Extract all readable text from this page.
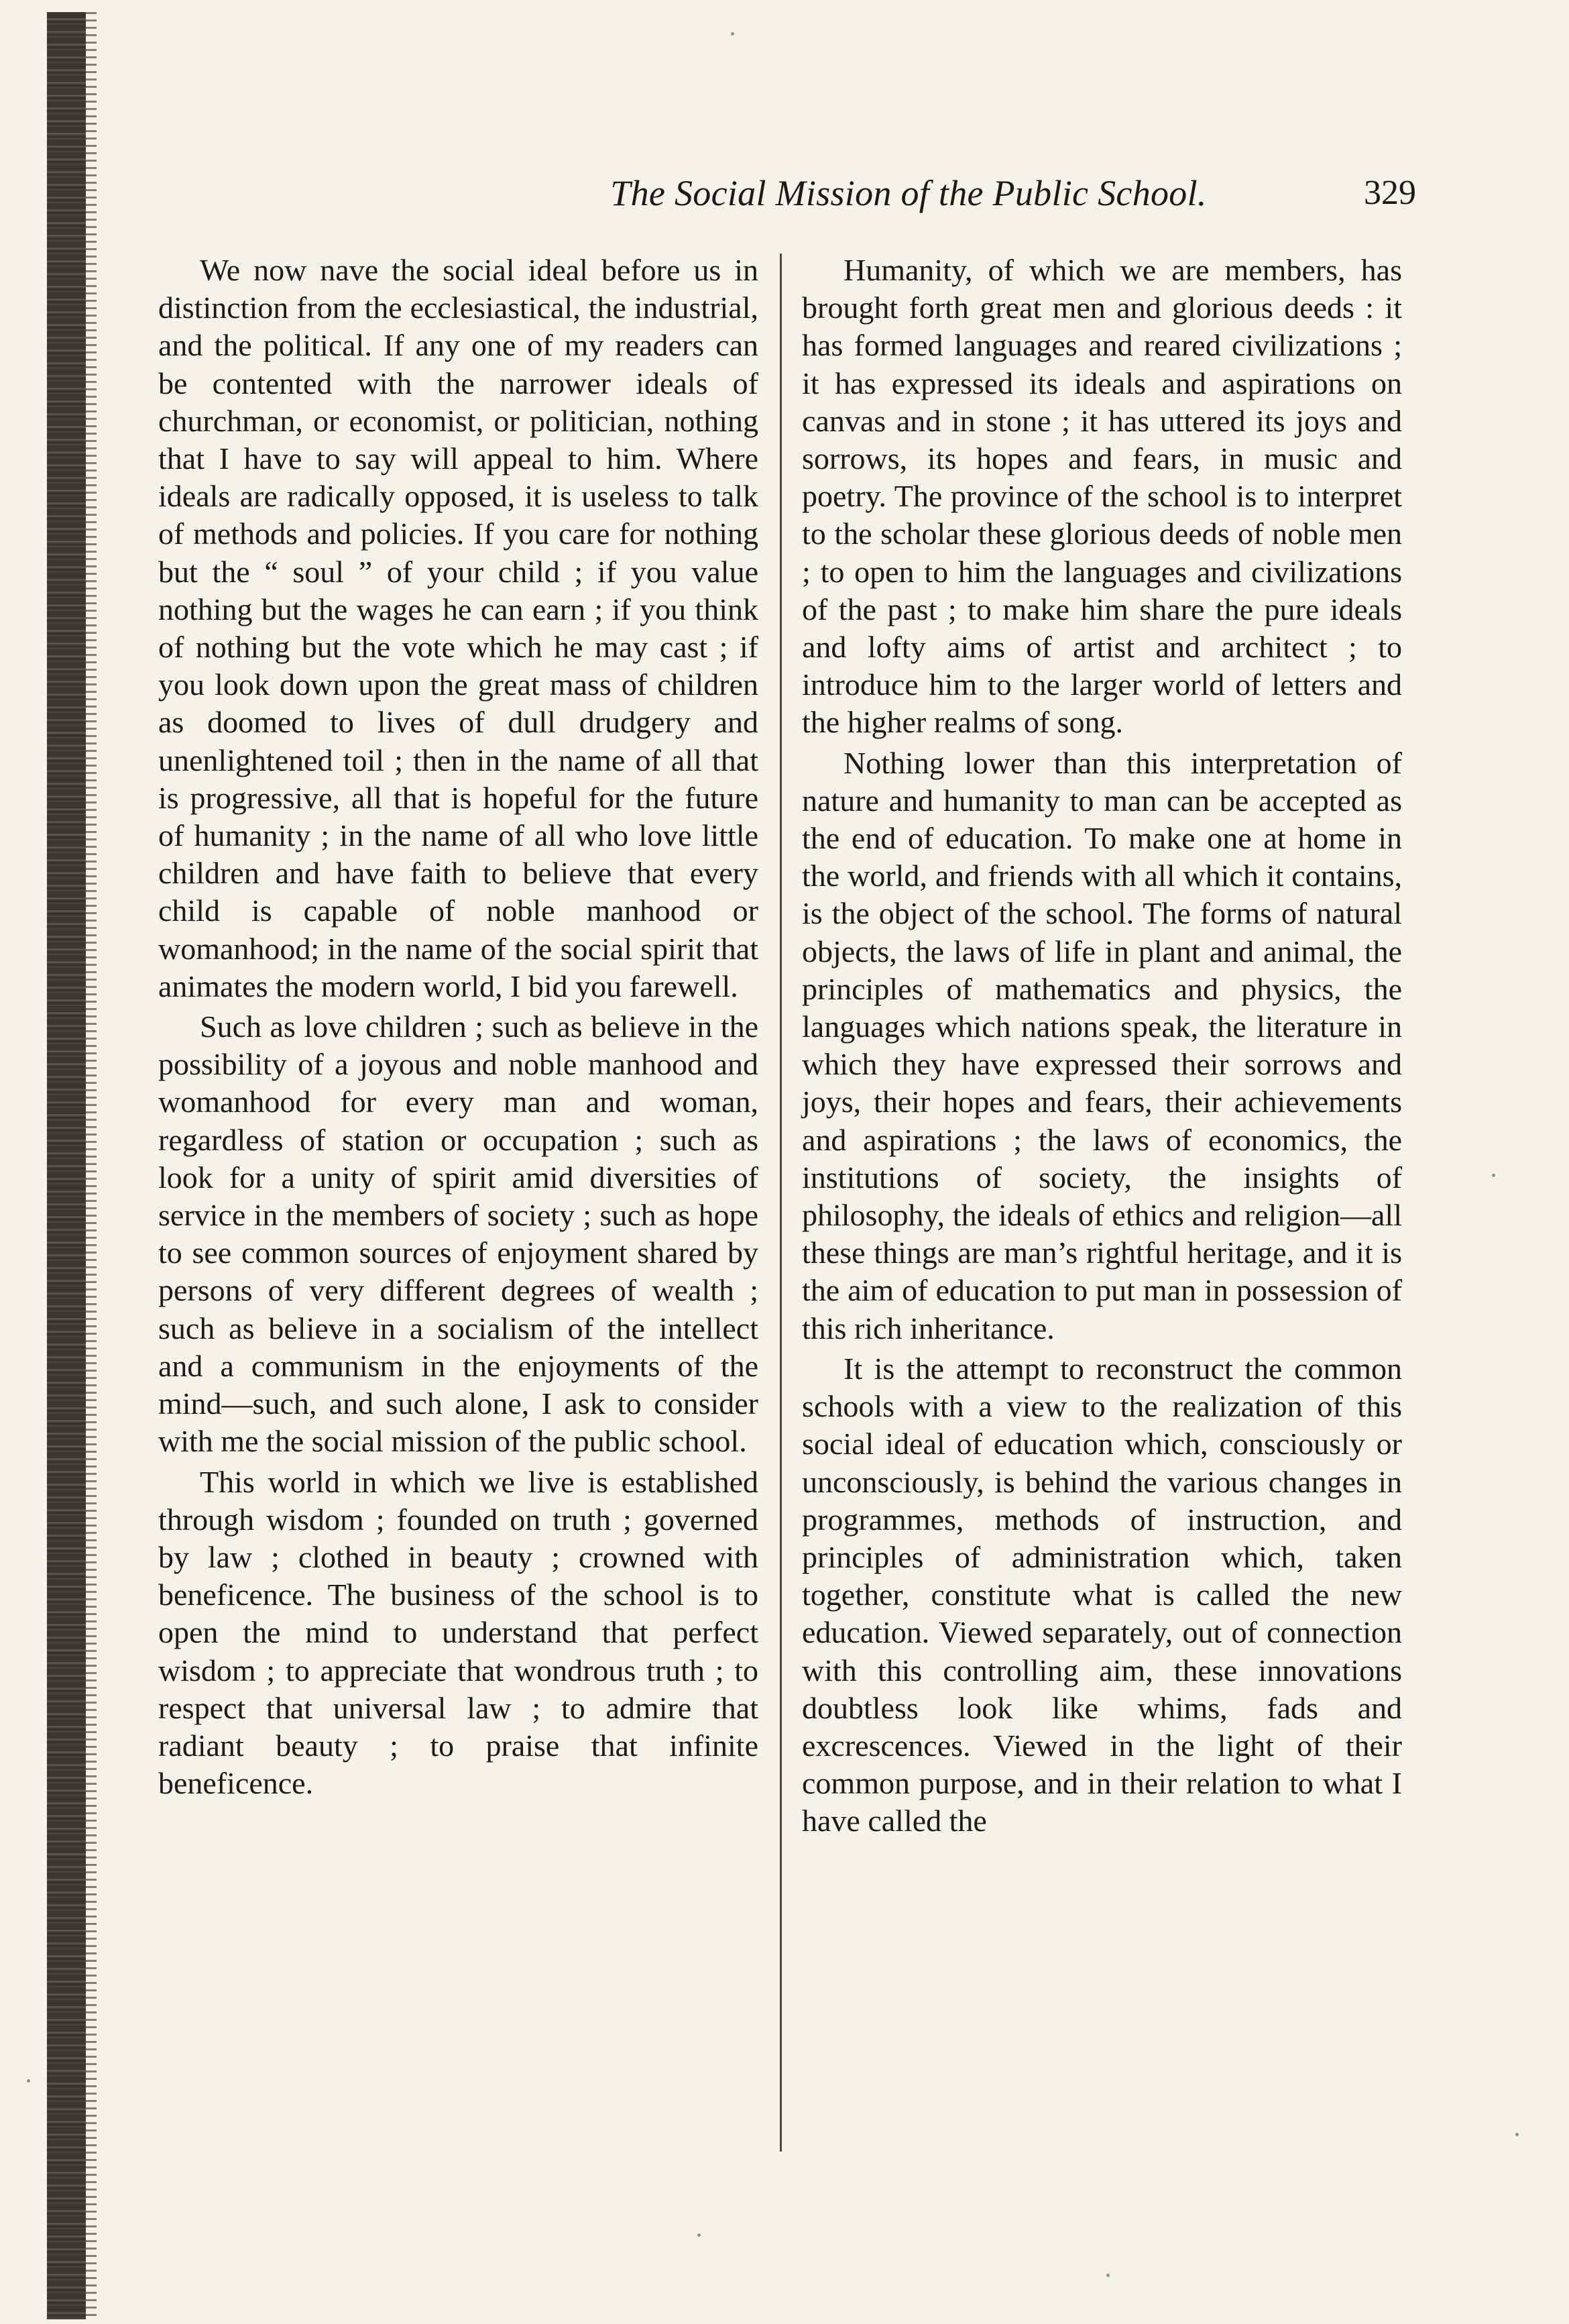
The Social Mission of the Public School.	329

We now nave the social ideal before us in distinction from the ecclesiastical, the industrial, and the political. If any one of my readers can be contented with the narrower ideals of churchman, or economist, or politician, nothing that I have to say will appeal to him. Where ideals are radically opposed, it is useless to talk of methods and policies. If you care for nothing but the “ soul ” of your child ; if you value nothing but the wages he can earn ; if you think of nothing but the vote which he may cast ; if you look down upon the great mass of children as doomed to lives of dull drudgery and unenlightened toil ; then in the name of all that is progressive, all that is hopeful for the future of humanity ; in the name of all who love little children and have faith to believe that every child is capable of noble manhood or womanhood; in the name of the social spirit that animates the modern world, I bid you farewell.

Such as love children ; such as believe in the possibility of a joyous and noble manhood and womanhood for every man and woman, regardless of station or occupation ; such as look for a unity of spirit amid diversities of service in the members of society ; such as hope to see common sources of enjoyment shared by persons of very different degrees of wealth ; such as believe in a socialism of the intellect and a communism in the enjoyments of the mind—such, and such alone, I ask to consider with me the social mission of the public school.

This world in which we live is established through wisdom ; founded on truth ; governed by law ; clothed in beauty ; crowned with beneficence. The business of the school is to open the mind to understand that perfect wisdom ; to appreciate that wondrous truth ; to respect that universal law ; to admire that radiant beauty ; to praise that infinite beneficence.

Humanity, of which we are members, has brought forth great men and glorious deeds : it has formed languages and reared civilizations ; it has expressed its ideals and aspirations on canvas and in stone ; it has uttered its joys and sorrows, its hopes and fears, in music and poetry. The province of the school is to interpret to the scholar these glorious deeds of noble men ; to open to him the languages and civilizations of the past ; to make him share the pure ideals and lofty aims of artist and architect ; to introduce him to the larger world of letters and the higher realms of song.

Nothing lower than this interpretation of nature and humanity to man can be accepted as the end of education. To make one at home in the world, and friends with all which it contains, is the object of the school. The forms of natural objects, the laws of life in plant and animal, the principles of mathematics and physics, the languages which nations speak, the literature in which they have expressed their sorrows and joys, their hopes and fears, their achievements and aspirations ; the laws of economics, the institutions of society, the insights of philosophy, the ideals of ethics and religion—all these things are man’s rightful heritage, and it is the aim of education to put man in possession of this rich inheritance.

It is the attempt to reconstruct the common schools with a view to the realization of this social ideal of education which, consciously or unconsciously, is behind the various changes in programmes, methods of instruction, and principles of administration which, taken together, constitute what is called the new education. Viewed separately, out of connection with this controlling aim, these innovations doubtless look like whims, fads and excrescences. Viewed in the light of their common purpose, and in their relation to what I have called the
